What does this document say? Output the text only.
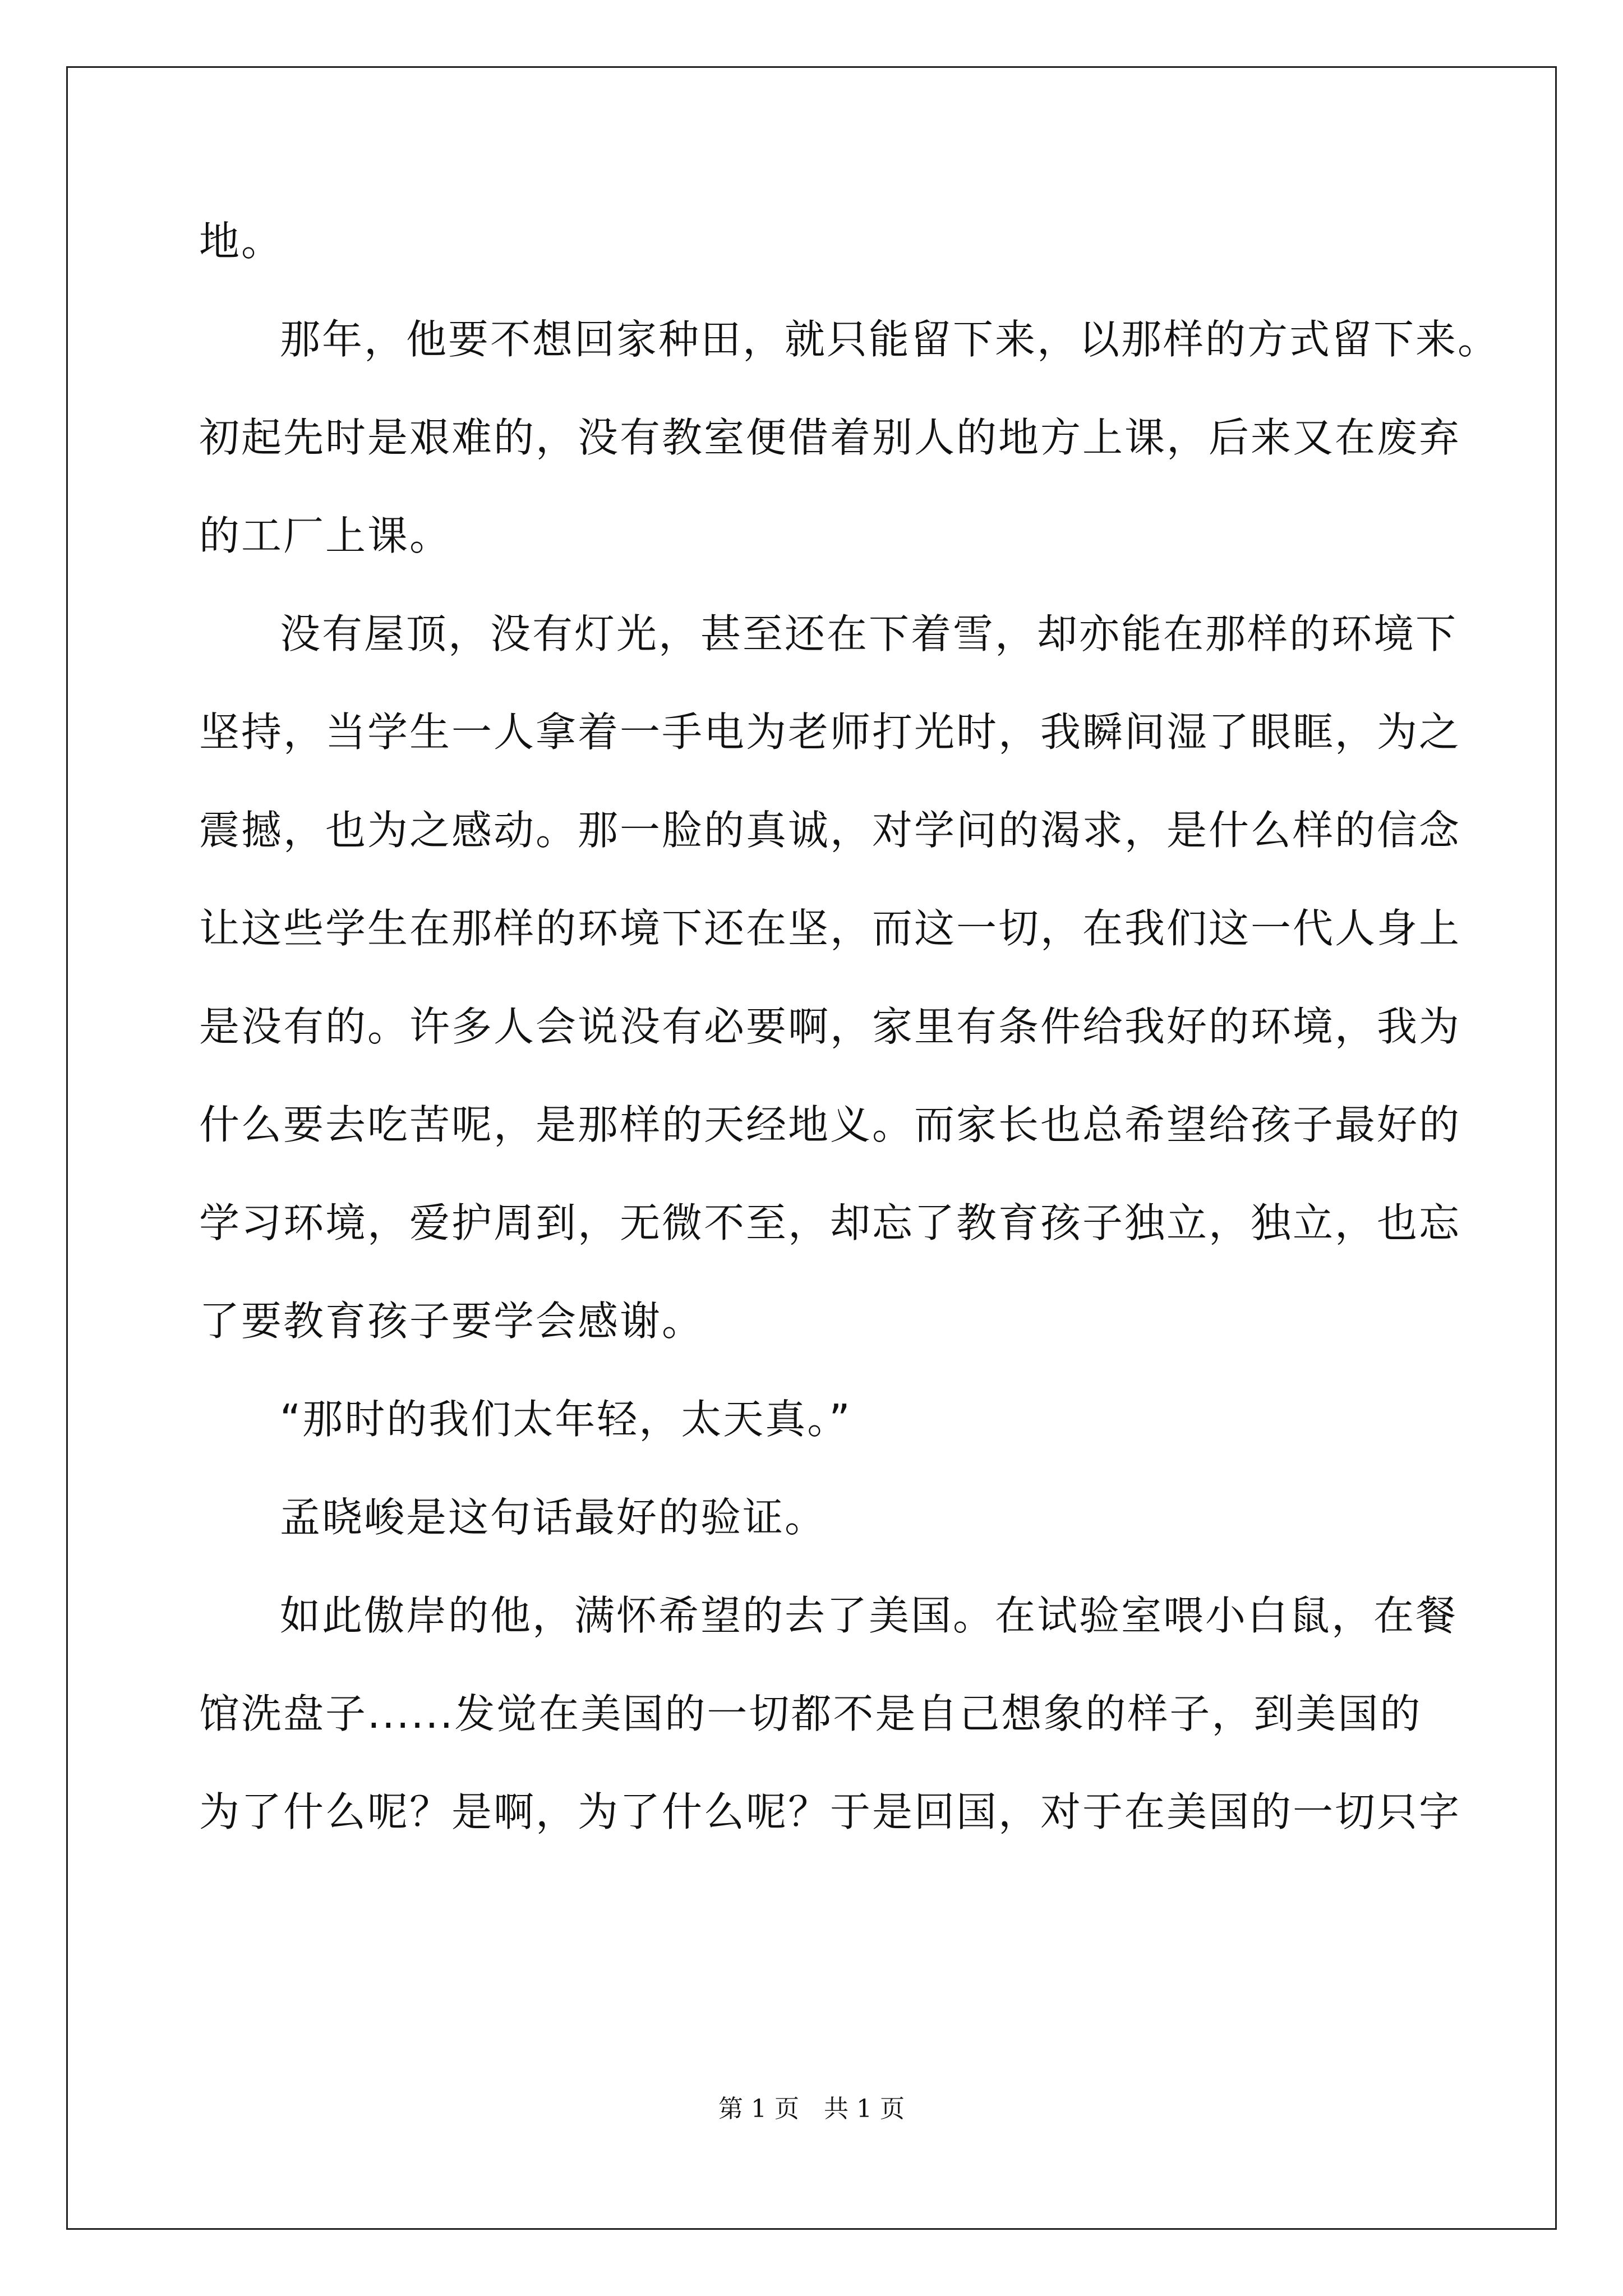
地。
那年，他要不想回家种田，就只能留下来，以那样的方式留下来。
初起先时是艰难的，没有教室便借着别人的地方上课，后来又在废弃
的工厂上课。
没有屋顶，没有灯光，甚至还在下着雪，却亦能在那样的环境下
坚持，当学生一人拿着一手电为老师打光时，我瞬间湿了眼眶，为之
震撼，也为之感动。那一脸的真诚，对学问的渴求，是什么样的信念
让这些学生在那样的环境下还在坚，而这一切，在我们这一代人身上
是没有的。许多人会说没有必要啊，家里有条件给我好的环境，我为
什么要去吃苦呢，是那样的天经地义。而家长也总希望给孩子最好的
学习环境，爱护周到，无微不至，却忘了教育孩子独立，独立，也忘
了要教育孩子要学会感谢。
“那时的我们太年轻，太天真。”
孟晓峻是这句话最好的验证。
如此傲岸的他，满怀希望的去了美国。在试验室喂小白鼠，在餐
馆洗盘子......发觉在美国的一切都不是自己想象的样子，到美国的
为了什么呢？是啊，为了什么呢？于是回国，对于在美国的一切只字
第 1 页　共 1 页
